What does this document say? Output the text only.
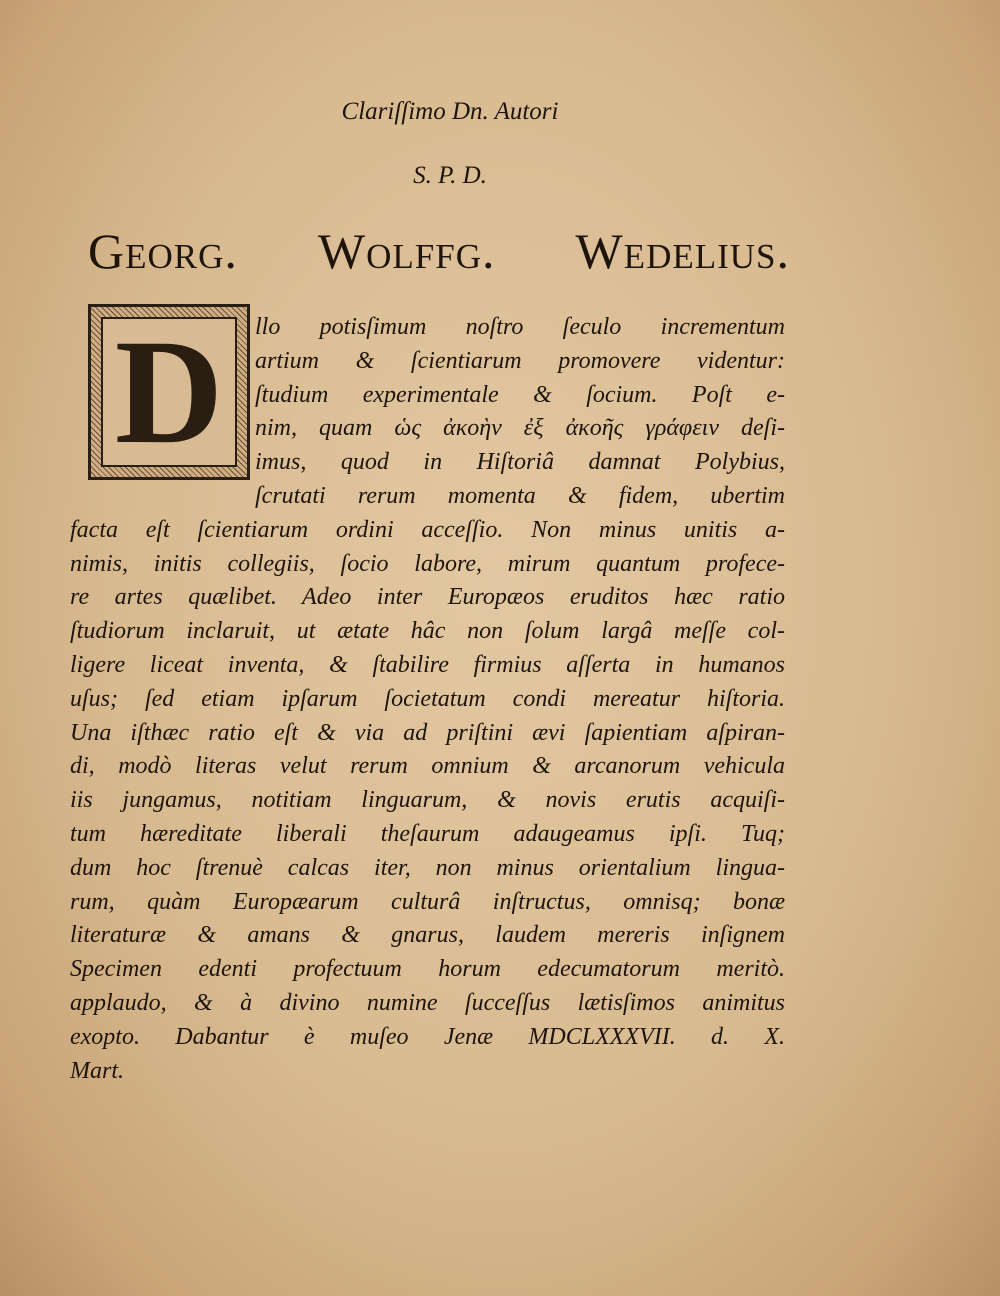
Clariſſimo Dn. Autori
S. P. D.
Georg. Wolffg. Wedelius.
D	llo potisſimum noſtro ſeculo incrementum
artium & ſcientiarum promovere videntur:
ſtudium experimentale & ſocium. Poſt e-
nim, quam ὡς ἀκοὴν ἐξ ἀκοῆς γράφειν deſi-
imus, quod in Hiſtoriâ damnat Polybius,
ſcrutati rerum momenta & fidem, ubertim
facta eſt ſcientiarum ordini acceſſio. Non minus unitis a-
nimis, initis collegiis, ſocio labore, mirum quantum profece-
re artes quælibet. Adeo inter Europæos eruditos hæc ratio
ſtudiorum inclaruit, ut ætate hâc non ſolum largâ meſſe col-
ligere liceat inventa, & ſtabilire firmius aſſerta in humanos
uſus; ſed etiam ipſarum ſocietatum condi mereatur hiſtoria.
Una iſthæc ratio eſt & via ad priſtini ævi ſapientiam aſpiran-
di, modò literas velut rerum omnium & arcanorum vehicula
iis jungamus, notitiam linguarum, & novis erutis acquiſi-
tum hæreditate liberali theſaurum adaugeamus ipſi. Tuq;
dum hoc ſtrenuè calcas iter, non minus orientalium lingua-
rum, quàm Europæarum culturâ inſtructus, omnisq; bonæ
literaturæ & amans & gnarus, laudem mereris inſignem
Specimen edenti profectuum horum edecumatorum meritò.
applaudo, & à divino numine ſucceſſus lætisſimos animitus
exopto. Dabantur è muſeo Jenæ MDCLXXXVII. d. X.
Mart.
